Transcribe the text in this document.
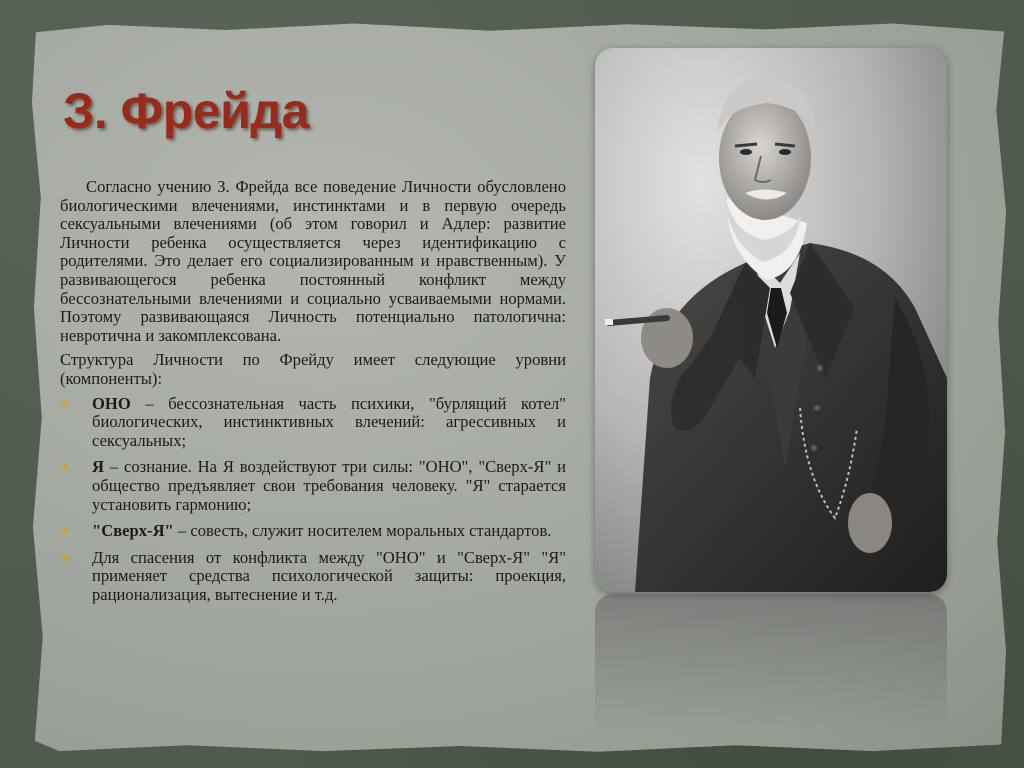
З. Фрейда

Согласно учению З. Фрейда все поведение Личности обусловлено биологическими влечениями, инстинктами и в первую очередь сексуальными влечениями (об этом говорил и Адлер: развитие Личности ребенка осуществляется через идентификацию с родителями. Это делает его социализированным и нравственным). У развивающегося ребенка постоянный конфликт между бессознательными влечениями и социально усваиваемыми нормами. Поэтому развивающаяся Личность потенциально патологична: невротична и закомплексована.

Структура Личности по Фрейду имеет следующие уровни (компоненты):

ОНО – бессознательная часть психики, "бурлящий котел" биологических, инстинктивных влечений: агрессивных и сексуальных;
Я – сознание. На Я воздействуют три силы: "ОНО", "Сверх-Я" и общество предъявляет свои требования человеку. "Я" старается установить гармонию;
"Сверх-Я" – совесть, служит носителем моральных стандартов.
Для спасения от конфликта между "ОНО" и "Сверх-Я" "Я" применяет средства психологической защиты: проекция, рационализация, вытеснение и т.д.
